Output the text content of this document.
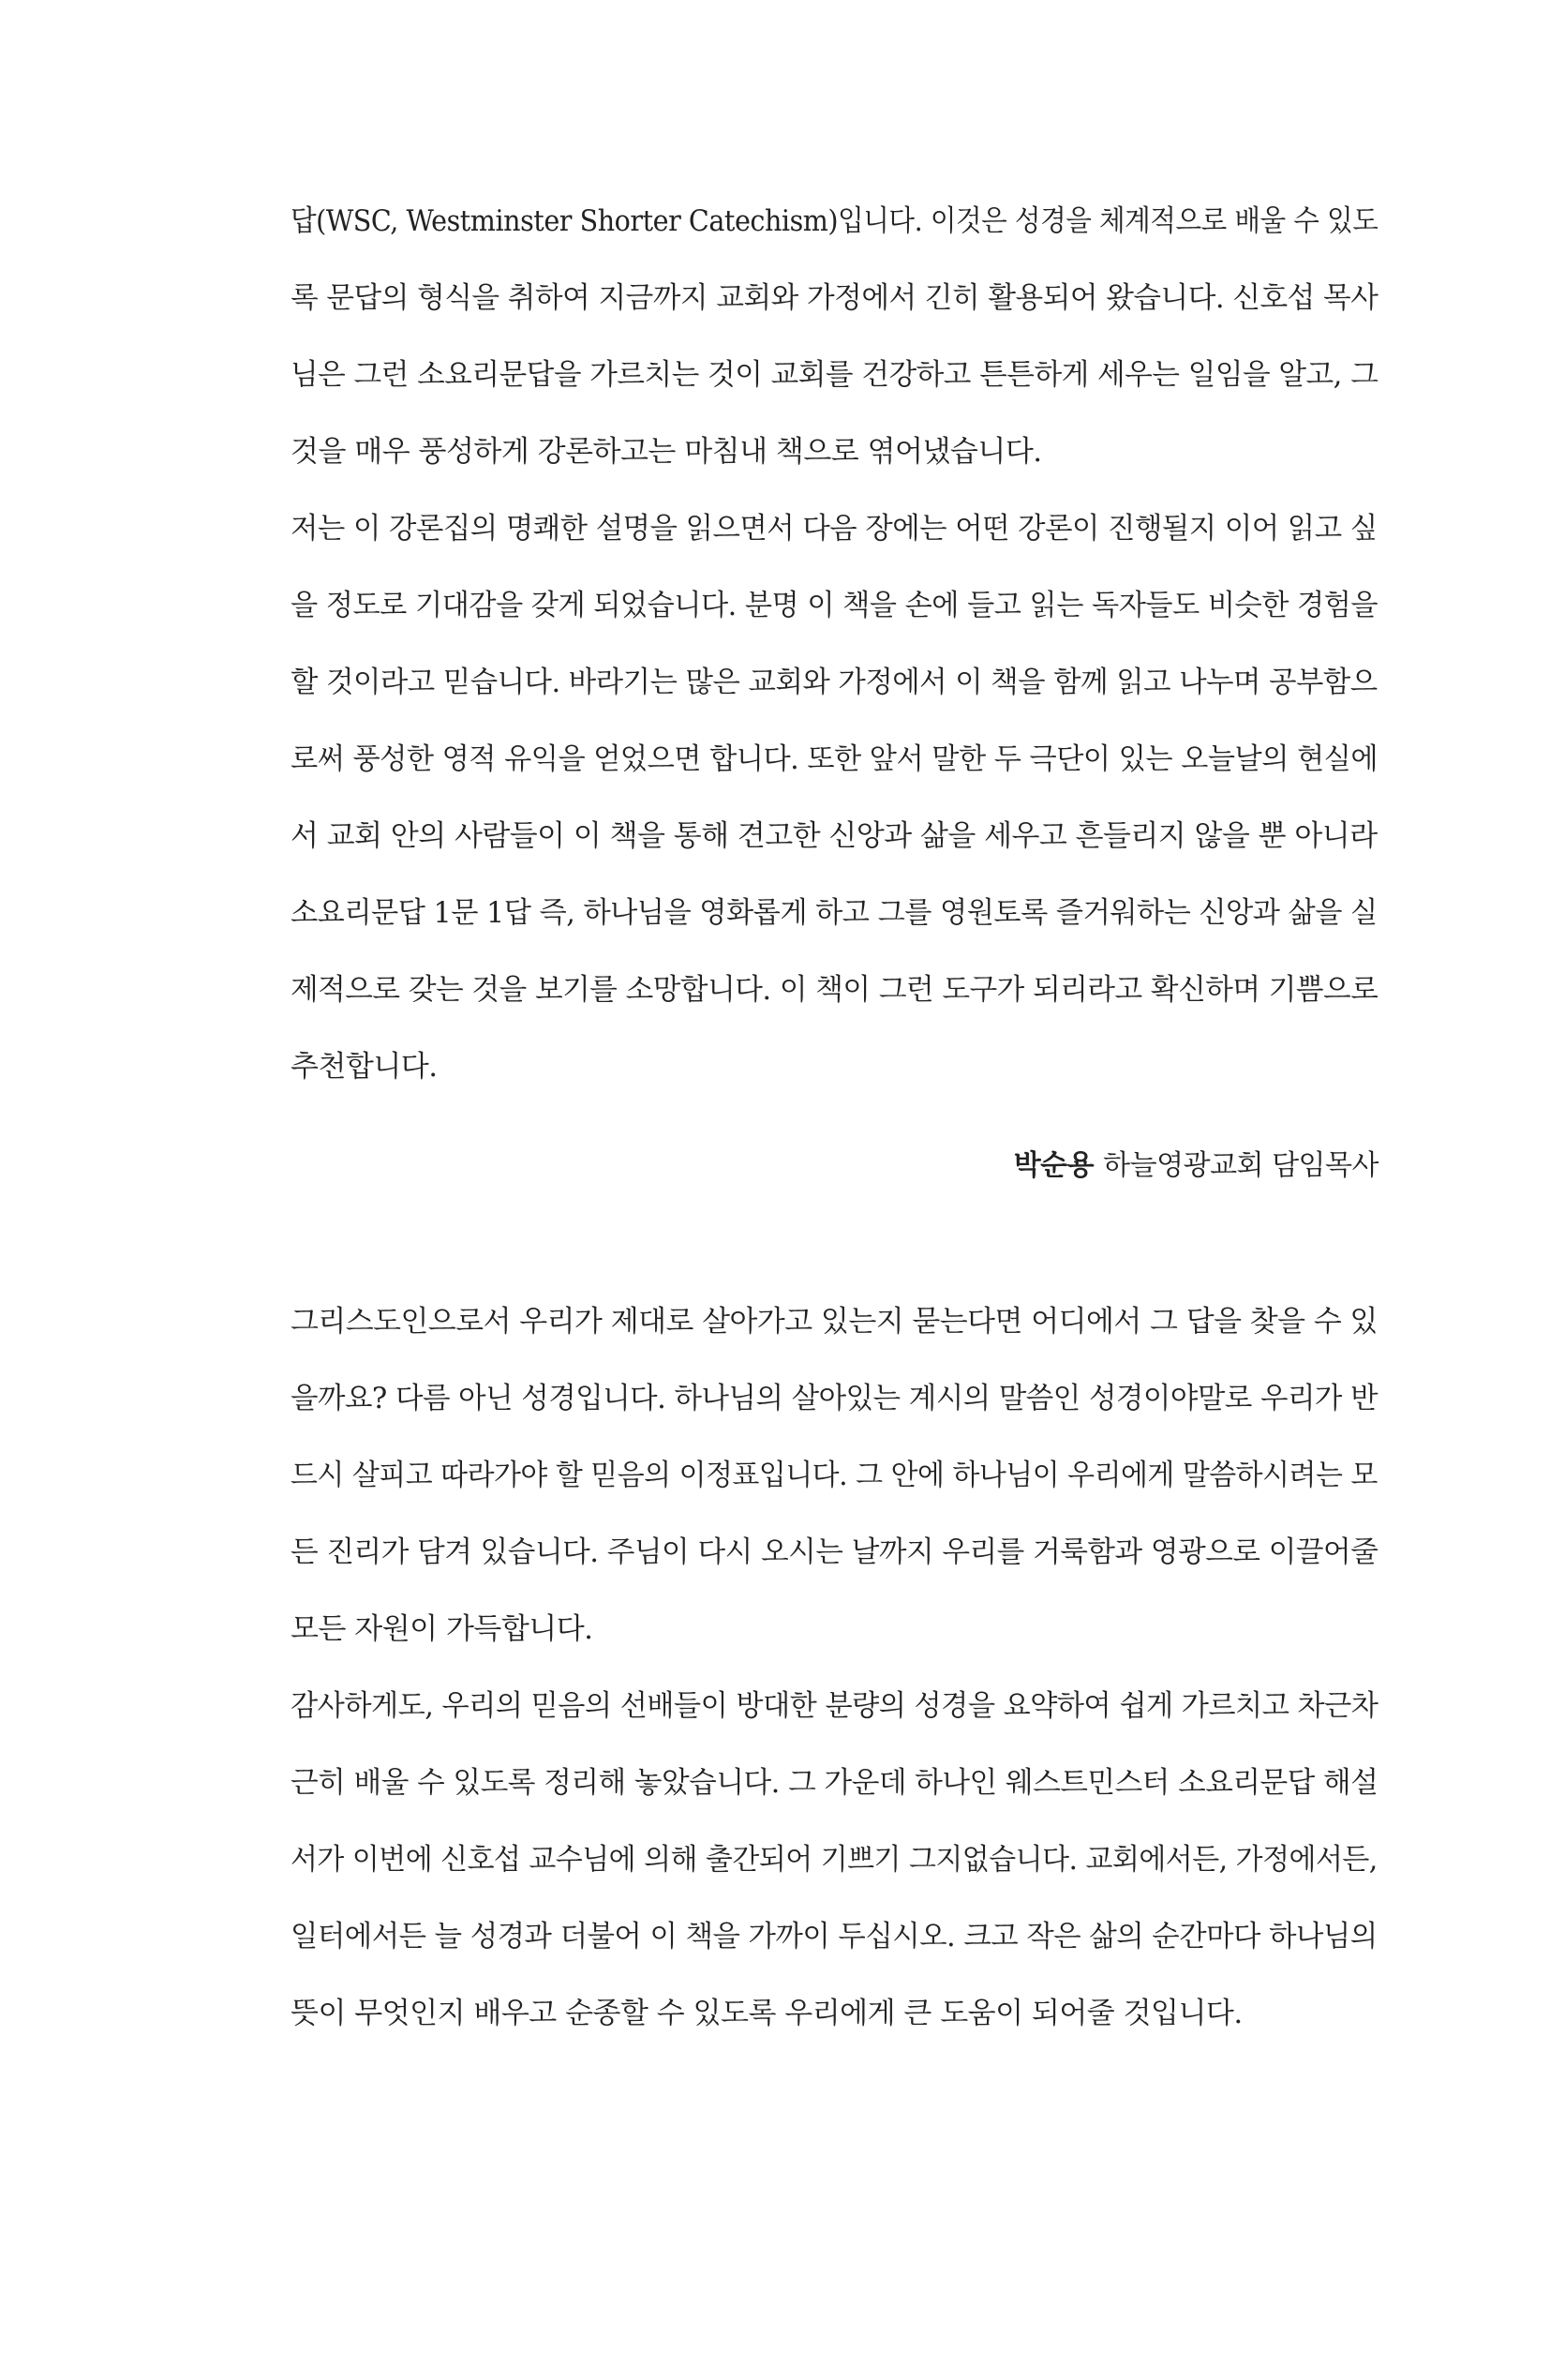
답(WSC, Westminster Shorter Catechism)입니다. 이것은 성경을 체계적으로 배울 수 있도

록 문답의 형식을 취하여 지금까지 교회와 가정에서 긴히 활용되어 왔습니다. 신호섭 목사

님은 그런 소요리문답을 가르치는 것이 교회를 건강하고 튼튼하게 세우는 일임을 알고, 그

것을 매우 풍성하게 강론하고는 마침내 책으로 엮어냈습니다.

저는 이 강론집의 명쾌한 설명을 읽으면서 다음 장에는 어떤 강론이 진행될지 이어 읽고 싶

을 정도로 기대감을 갖게 되었습니다. 분명 이 책을 손에 들고 읽는 독자들도 비슷한 경험을

할 것이라고 믿습니다. 바라기는 많은 교회와 가정에서 이 책을 함께 읽고 나누며 공부함으

로써 풍성한 영적 유익을 얻었으면 합니다. 또한 앞서 말한 두 극단이 있는 오늘날의 현실에

서 교회 안의 사람들이 이 책을 통해 견고한 신앙과 삶을 세우고 흔들리지 않을 뿐 아니라

소요리문답 1문 1답 즉, 하나님을 영화롭게 하고 그를 영원토록 즐거워하는 신앙과 삶을 실

제적으로 갖는 것을 보기를 소망합니다. 이 책이 그런 도구가 되리라고 확신하며 기쁨으로

추천합니다.

박순용 하늘영광교회 담임목사

그리스도인으로서 우리가 제대로 살아가고 있는지 묻는다면 어디에서 그 답을 찾을 수 있

을까요? 다름 아닌 성경입니다. 하나님의 살아있는 계시의 말씀인 성경이야말로 우리가 반

드시 살피고 따라가야 할 믿음의 이정표입니다. 그 안에 하나님이 우리에게 말씀하시려는 모

든 진리가 담겨 있습니다. 주님이 다시 오시는 날까지 우리를 거룩함과 영광으로 이끌어줄

모든 자원이 가득합니다.

감사하게도, 우리의 믿음의 선배들이 방대한 분량의 성경을 요약하여 쉽게 가르치고 차근차

근히 배울 수 있도록 정리해 놓았습니다. 그 가운데 하나인 웨스트민스터 소요리문답 해설

서가 이번에 신호섭 교수님에 의해 출간되어 기쁘기 그지없습니다. 교회에서든, 가정에서든,

일터에서든 늘 성경과 더불어 이 책을 가까이 두십시오. 크고 작은 삶의 순간마다 하나님의

뜻이 무엇인지 배우고 순종할 수 있도록 우리에게 큰 도움이 되어줄 것입니다.
